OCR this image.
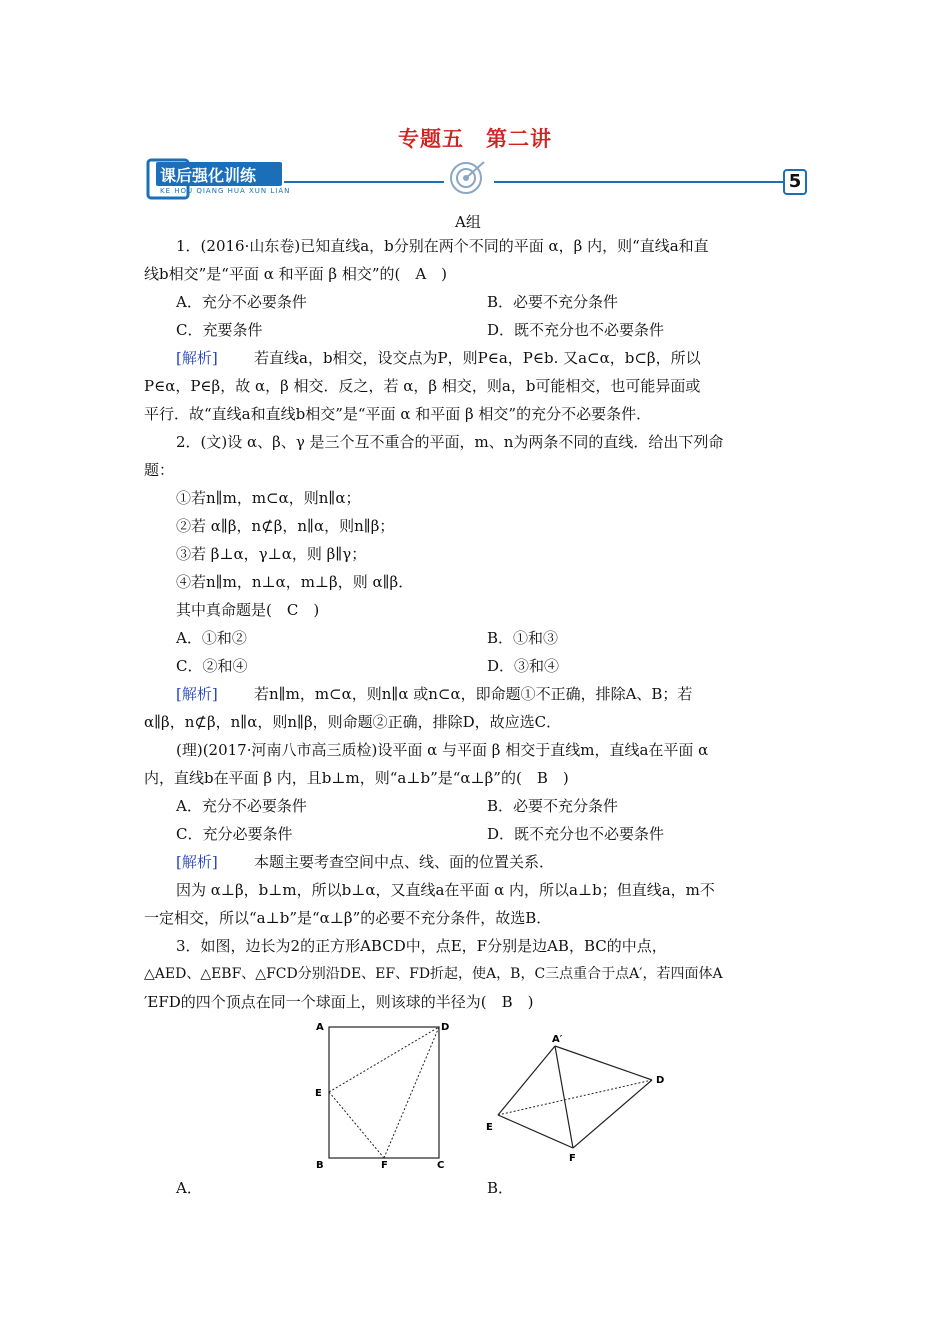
专题五　第二讲
课后强化训练
KE HOU QIANG HUA XUN LIAN	5
A组
1．(2016·山东卷)已知直线a，b分别在两个不同的平面 α，β 内，则“直线a和直
线b相交”是“平面 α 和平面 β 相交”的(　A　)
A．充分不必要条件	B．必要不充分条件
C．充要条件	D．既不充分也不必要条件
[解析]	若直线a，b相交，设交点为P，则P∈a，P∈b. 又a⊂α，b⊂β，所以
P∈α，P∈β，故 α，β 相交．反之，若 α，β 相交，则a，b可能相交，也可能异面或
平行．故“直线a和直线b相交”是“平面 α 和平面 β 相交”的充分不必要条件．
2．(文)设 α、β、γ 是三个互不重合的平面，m、n为两条不同的直线．给出下列命
题：
①若n∥m，m⊂α，则n∥α；
②若 α∥β，n⊄β，n∥α，则n∥β；
③若 β⊥α，γ⊥α，则 β∥γ；
④若n∥m，n⊥α，m⊥β，则 α∥β．
其中真命题是(　C　)
A．①和②	B．①和③
C．②和④	D．③和④
[解析]	若n∥m，m⊂α，则n∥α 或n⊂α，即命题①不正确，排除A、B；若
α∥β，n⊄β，n∥α，则n∥β，则命题②正确，排除D，故应选C．
(理)(2017·河南八市高三质检)设平面 α 与平面 β 相交于直线m，直线a在平面 α
内，直线b在平面 β 内，且b⊥m，则“a⊥b”是“α⊥β”的(　B　)
A．充分不必要条件	B．必要不充分条件
C．充分必要条件	D．既不充分也不必要条件
[解析]	本题主要考查空间中点、线、面的位置关系．
因为 α⊥β，b⊥m，所以b⊥α，又直线a在平面 α 内，所以a⊥b；但直线a，m不
一定相交，所以“a⊥b”是“α⊥β”的必要不充分条件，故选B．
3．如图，边长为2的正方形ABCD中，点E，F分别是边AB，BC的中点，
△AED、△EBF、△FCD分别沿DE、EF、FD折起，使A，B，C三点重合于点A′，若四面体A
′EFD的四个顶点在同一个球面上，则该球的半径为(　B　)
A	D
E
B	F	C
A′
D
E
F
A．	B．
